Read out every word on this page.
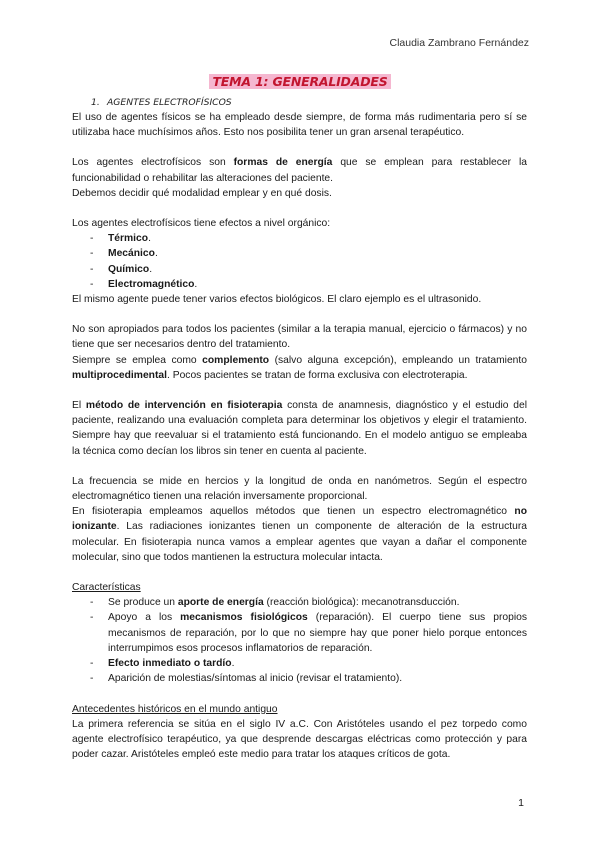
Claudia Zambrano Fernández
TEMA 1: GENERALIDADES
1. AGENTES ELECTROFÍSICOS

El uso de agentes físicos se ha empleado desde siempre, de forma más rudimentaria pero sí se utilizaba hace muchísimos años. Esto nos posibilita tener un gran arsenal terapéutico.

Los agentes electrofísicos son formas de energía que se emplean para restablecer la funcionabilidad o rehabilitar las alteraciones del paciente.

Debemos decidir qué modalidad emplear y en qué dosis.

Los agentes electrofísicos tiene efectos a nivel orgánico:

- Térmico.
- Mecánico.
- Químico.
- Electromagnético.

El mismo agente puede tener varios efectos biológicos. El claro ejemplo es el ultrasonido.

No son apropiados para todos los pacientes (similar a la terapia manual, ejercicio o fármacos) y no tiene que ser necesarios dentro del tratamiento.

Siempre se emplea como complemento (salvo alguna excepción), empleando un tratamiento multiprocedimental. Pocos pacientes se tratan de forma exclusiva con electroterapia.

El método de intervención en fisioterapia consta de anamnesis, diagnóstico y el estudio del paciente, realizando una evaluación completa para determinar los objetivos y elegir el tratamiento. Siempre hay que reevaluar si el tratamiento está funcionando. En el modelo antiguo se empleaba la técnica como decían los libros sin tener en cuenta al paciente.

La frecuencia se mide en hercios y la longitud de onda en nanómetros. Según el espectro electromagnético tienen una relación inversamente proporcional.

En fisioterapia empleamos aquellos métodos que tienen un espectro electromagnético no ionizante. Las radiaciones ionizantes tienen un componente de alteración de la estructura molecular. En fisioterapia nunca vamos a emplear agentes que vayan a dañar el componente molecular, sino que todos mantienen la estructura molecular intacta.

Características
- Se produce un aporte de energía (reacción biológica): mecanotransducción.
- Apoyo a los mecanismos fisiológicos (reparación). El cuerpo tiene sus propios mecanismos de reparación, por lo que no siempre hay que poner hielo porque entonces interrumpimos esos procesos inflamatorios de reparación.
- Efecto inmediato o tardío.
- Aparición de molestias/síntomas al inicio (revisar el tratamiento).
Antecedentes históricos en el mundo antiguo

La primera referencia se sitúa en el siglo IV a.C. Con Aristóteles usando el pez torpedo como agente electrofísico terapéutico, ya que desprende descargas eléctricas como protección y para poder cazar. Aristóteles empleó este medio para tratar los ataques críticos de gota.

1
